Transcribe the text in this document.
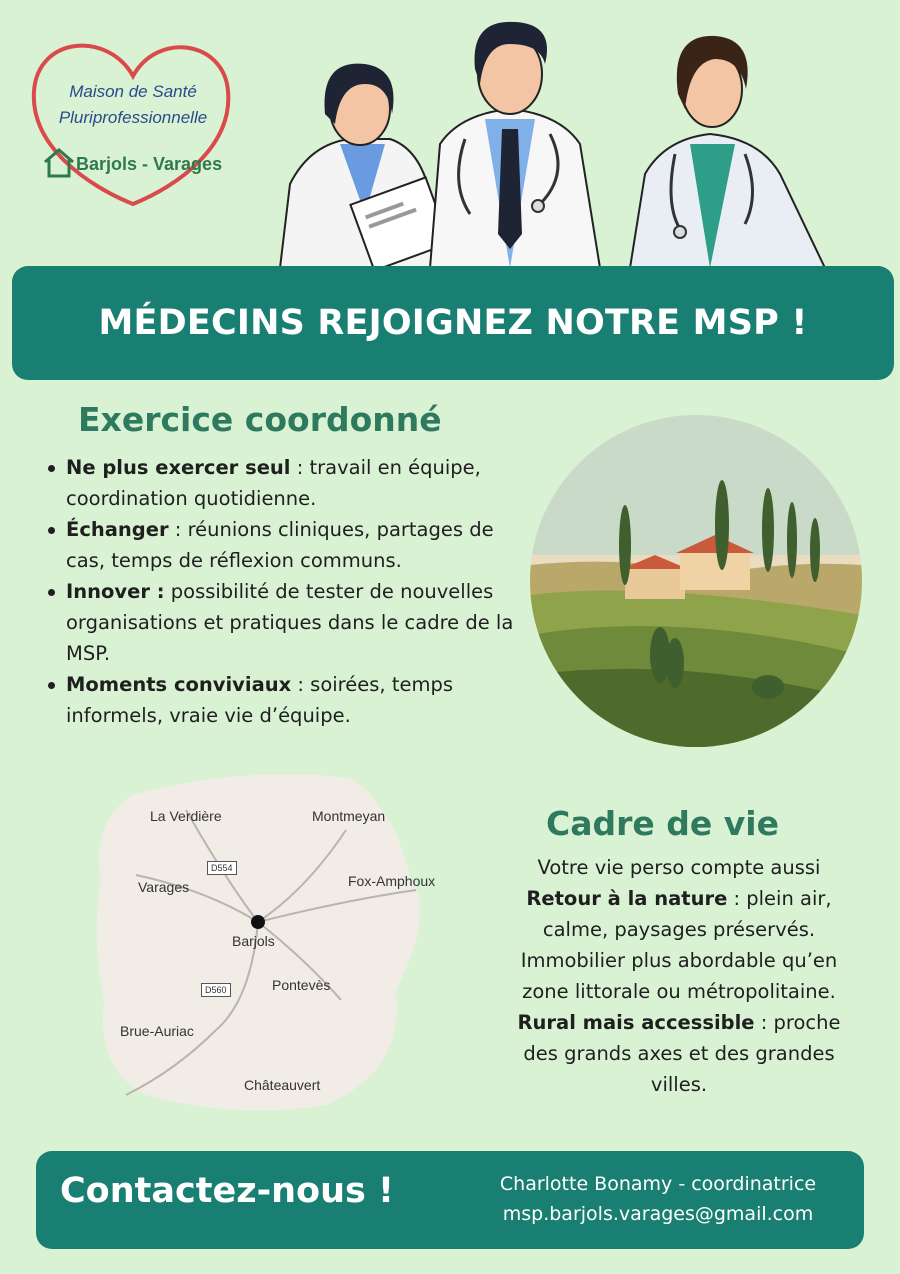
Maison de Santé
Pluriprofessionnelle
Barjols - Varages
MÉDECINS REJOIGNEZ NOTRE MSP !
Exercice coordonné
Ne plus exercer seul : travail en équipe, coordination quotidienne.
Échanger : réunions cliniques, partages de cas, temps de réflexion communs.
Innover : possibilité de tester de nouvelles organisations et pratiques dans le cadre de la MSP.
Moments conviviaux : soirées, temps informels, vraie vie d’équipe.
La Verdière	Montmeyan
D554
Varages	Fox-Amphoux
Barjols
D560	Pontevès
Brue-Auriac
Châteauvert
Cadre de vie
Votre vie perso compte aussi
Retour à la nature : plein air,
calme, paysages préservés.
Immobilier plus abordable qu’en
zone littorale ou métropolitaine.
Rural mais accessible : proche
des grands axes et des grandes
villes.
Contactez-nous !	Charlotte Bonamy - coordinatrice
msp.barjols.varages@gmail.com
